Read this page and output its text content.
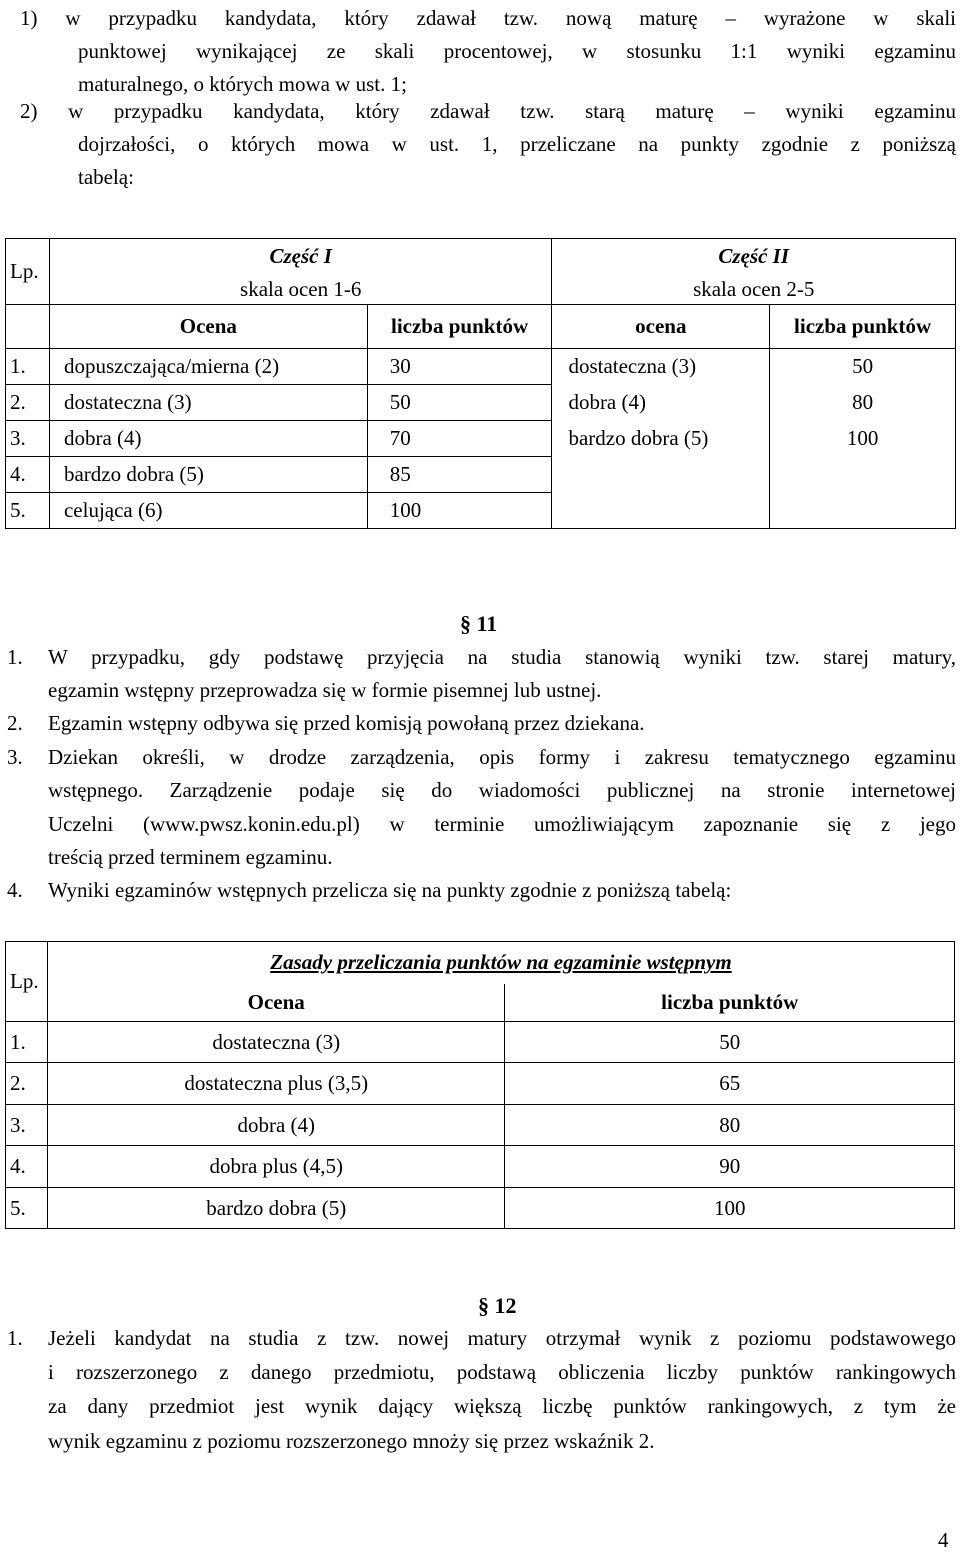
1) w przypadku kandydata, który zdawał tzw. nową maturę – wyrażone w skali
punktowej wynikającej ze skali procentowej, w stosunku 1:1 wyniki egzaminu
maturalnego, o których mowa w ust. 1;
2) w przypadku kandydata, który zdawał tzw. starą maturę – wyniki egzaminu
dojrzałości, o których mowa w ust. 1, przeliczane na punkty zgodnie z poniższą
tabelą:
Lp.	Część I		Część II	
	skala ocen 1-6		skala ocen 2-5	
	Ocena	liczba punktów	ocena	liczba punktów
1.	dopuszczająca/mierna (2)	30	dostateczna (3)	50
2.	dostateczna (3)	50	dobra (4)	80
3.	dobra (4)	70	bardzo dobra (5)	100
4.	bardzo dobra (5)	85		
5.	celująca (6)	100		
§ 11
1. W przypadku, gdy podstawę przyjęcia na studia stanowią wyniki tzw. starej matury,
egzamin wstępny przeprowadza się w formie pisemnej lub ustnej.
2. Egzamin wstępny odbywa się przed komisją powołaną przez dziekana.
3. Dziekan określi, w drodze zarządzenia, opis formy i zakresu tematycznego egzaminu
wstępnego. Zarządzenie podaje się do wiadomości publicznej na stronie internetowej
Uczelni (www.pwsz.konin.edu.pl) w terminie umożliwiającym zapoznanie się z jego
treścią przed terminem egzaminu.
4. Wyniki egzaminów wstępnych przelicza się na punkty zgodnie z poniższą tabelą:
Lp.	Zasady przeliczania punktów na egzaminie wstępnym	
	Ocena	liczba punktów
1.	dostateczna (3)	50
2.	dostateczna plus (3,5)	65
3.	dobra (4)	80
4.	dobra plus (4,5)	90
5.	bardzo dobra (5)	100
§ 12
1. Jeżeli kandydat na studia z tzw. nowej matury otrzymał wynik z poziomu podstawowego
i rozszerzonego z danego przedmiotu, podstawą obliczenia liczby punktów rankingowych
za dany przedmiot jest wynik dający większą liczbę punktów rankingowych, z tym że
wynik egzaminu z poziomu rozszerzonego mnoży się przez wskaźnik 2.
4
